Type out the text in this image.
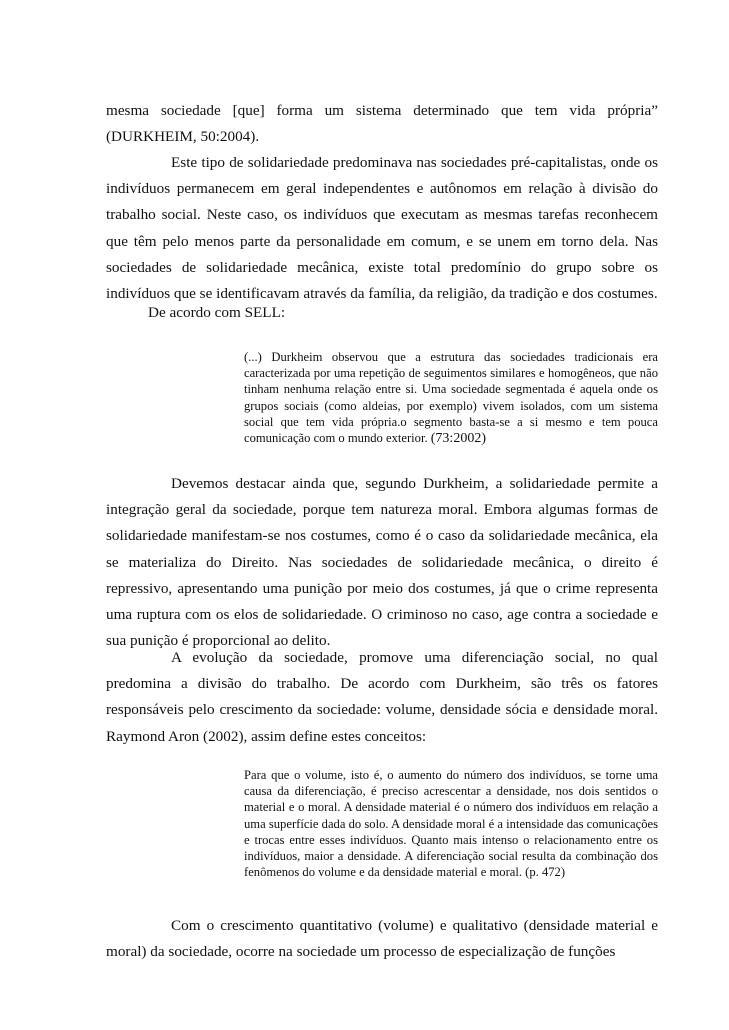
mesma sociedade [que] forma um sistema determinado que tem vida própria” (DURKHEIM, 50:2004).

Este tipo de solidariedade predominava nas sociedades pré-capitalistas, onde os indivíduos permanecem em geral independentes e autônomos em relação à divisão do trabalho social. Neste caso, os indivíduos que executam as mesmas tarefas reconhecem que têm pelo menos parte da personalidade em comum, e se unem em torno dela. Nas sociedades de solidariedade mecânica, existe total predomínio do grupo sobre os indivíduos que se identificavam através da família, da religião, da tradição e dos costumes.

De acordo com SELL:

(...) Durkheim observou que a estrutura das sociedades tradicionais era caracterizada por uma repetição de seguimentos similares e homogêneos, que não tinham nenhuma relação entre si. Uma sociedade segmentada é aquela onde os grupos sociais (como aldeias, por exemplo) vivem isolados, com um sistema social que tem vida própria.o segmento basta-se a si mesmo e tem pouca comunicação com o mundo exterior. (73:2002)

Devemos destacar ainda que, segundo Durkheim, a solidariedade permite a integração geral da sociedade, porque tem natureza moral. Embora algumas formas de solidariedade manifestam-se nos costumes, como é o caso da solidariedade mecânica, ela se materializa do Direito. Nas sociedades de solidariedade mecânica, o direito é repressivo, apresentando uma punição por meio dos costumes, já que o crime representa uma ruptura com os elos de solidariedade. O criminoso no caso, age contra a sociedade e sua punição é proporcional ao delito.

A evolução da sociedade, promove uma diferenciação social, no qual predomina a divisão do trabalho. De acordo com Durkheim, são três os fatores responsáveis pelo crescimento da sociedade: volume, densidade sócia e densidade moral. Raymond Aron (2002), assim define estes conceitos:

Para que o volume, isto é, o aumento do número dos indivíduos, se torne uma causa da diferenciação, é preciso acrescentar a densidade, nos dois sentidos o material e o moral. A densidade material é o número dos indivíduos em relação a uma superfície dada do solo. A densidade moral é a intensidade das comunicações e trocas entre esses indivíduos. Quanto mais intenso o relacionamento entre os indivíduos, maior a densidade. A diferenciação social resulta da combinação dos fenômenos do volume e da densidade material e moral. (p. 472)

Com o crescimento quantitativo (volume) e qualitativo (densidade material e moral) da sociedade, ocorre na sociedade um processo de especialização de funções
